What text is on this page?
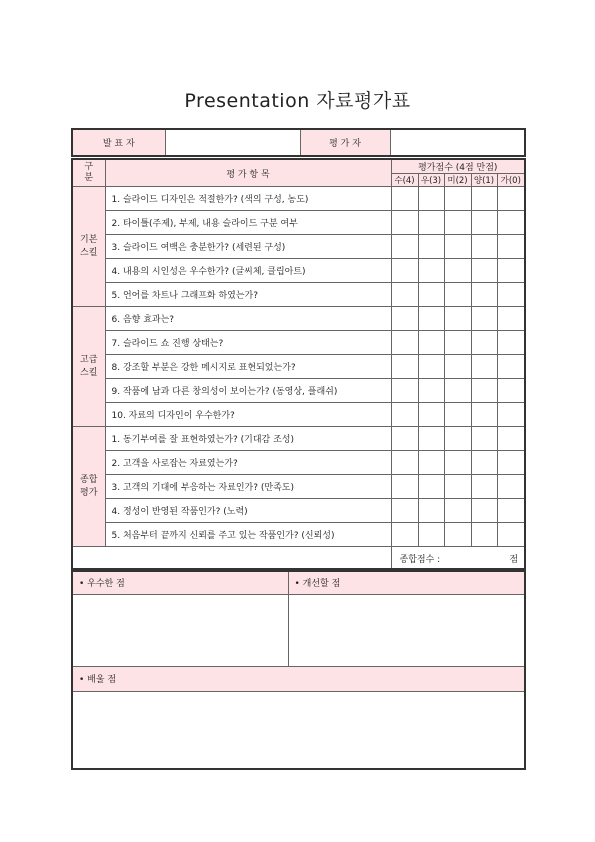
Presentation 자료평가표
발 표 자		평 가 자	
구
분	평 가 항 목	평가점수 (4점 만점)				
		수(4)	우(3)	미(2)	양(1)	가(0)

기본
스킬	1. 슬라이드 디자인은 적절한가? (색의 구성, 농도)					
	2. 타이틀(주제), 부제, 내용 슬라이드 구분 여부					
	3. 슬라이드 여백은 충분한가? (세련된 구성)					
	4. 내용의 시인성은 우수한가? (글씨체, 클립아트)					
	5. 언어를 차트나 그래프화 하였는가?					

고급
스킬	6. 음향 효과는?					
	7. 슬라이드 쇼 진행 상태는?					
	8. 강조할 부분은 강한 메시지로 표현되었는가?					
	9. 작품에 남과 다른 창의성이 보이는가? (동영상, 플래쉬)					
	10. 자료의 디자인이 우수한가?					

종합
평가	1. 동기부여를 잘 표현하였는가? (기대감 조성)					
	2. 고객을 사로잡는 자료였는가?					
	3. 고객의 기대에 부응하는 자료인가? (만족도)					
	4. 정성이 반영된 작품인가? (노력)					
	5. 처음부터 끝까지 신뢰를 주고 있는 작품인가? (신뢰성)					

		종합점수 : 점				
• 우수한 점	• 개선할 점

• 배울 점	
